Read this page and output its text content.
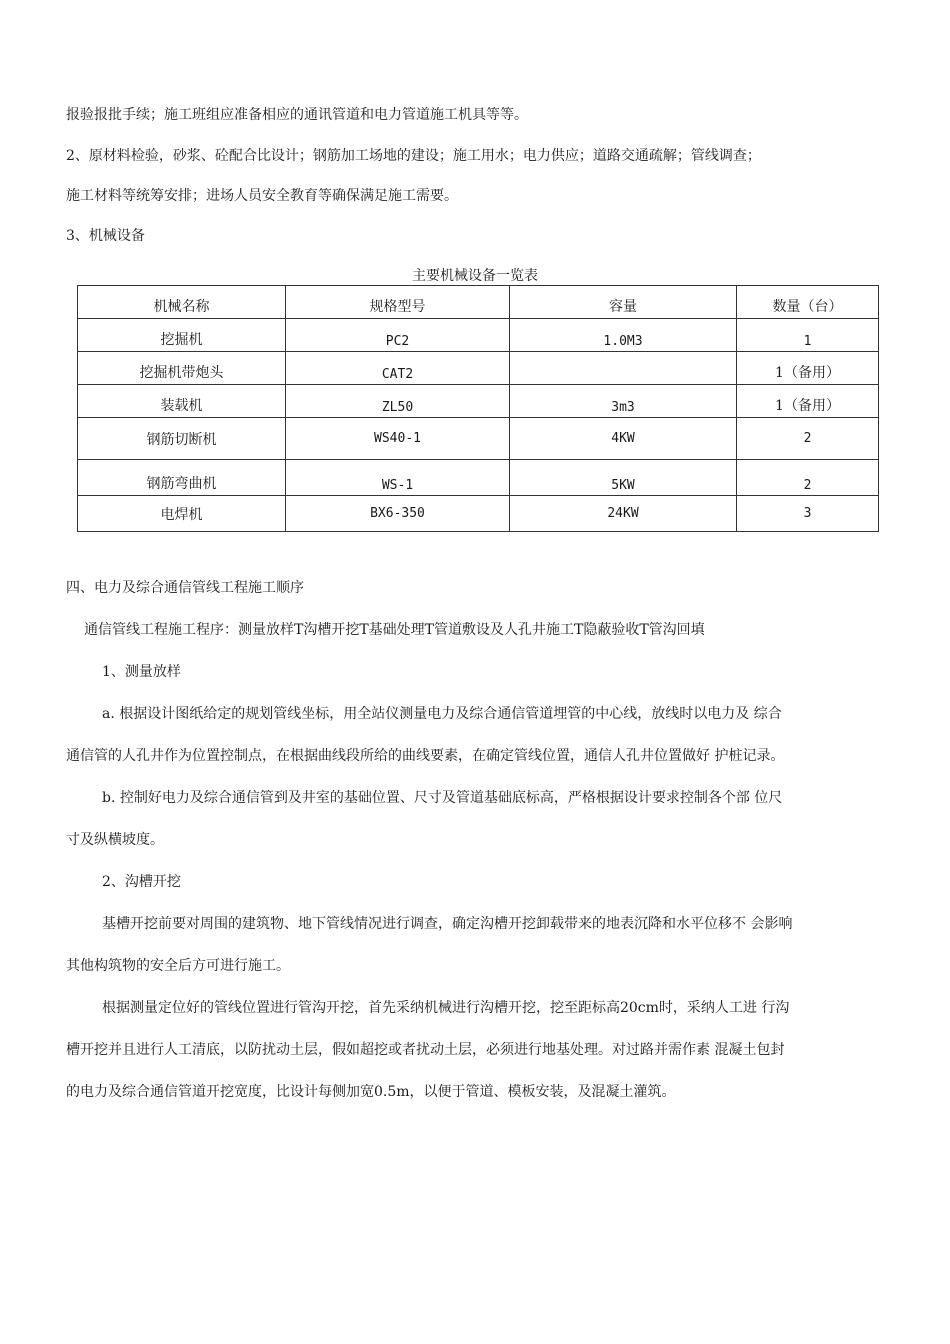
报验报批手续；施工班组应准备相应的通讯管道和电力管道施工机具等等。
2、原材料检验，砂浆、砼配合比设计；钢筋加工场地的建设；施工用水；电力供应；道路交通疏解；管线调查；
施工材料等统筹安排；进场人员安全教育等确保满足施工需要。
3、机械设备
主要机械设备一览表
机械名称	规格型号	容量	数量（台）
挖掘机	PC2	1.0M3	1
挖掘机带炮头	CAT2		1（备用）
装载机	ZL50	3m3	1（备用）
钢筋切断机	WS40-1	4KW	2
钢筋弯曲机	WS-1	5KW	2
电焊机	BX6-350	24KW	3
四、电力及综合通信管线工程施工顺序
通信管线工程施工程序：测量放样T沟槽开挖T基础处理T管道敷设及人孔井施工T隐蔽验收T管沟回填
1、测量放样
a. 根据设计图纸给定的规划管线坐标，用全站仪测量电力及综合通信管道埋管的中心线，放线时以电力及 综合
通信管的人孔井作为位置控制点，在根据曲线段所给的曲线要素，在确定管线位置，通信人孔井位置做好 护桩记录。
b. 控制好电力及综合通信管到及井室的基础位置、尺寸及管道基础底标高，严格根据设计要求控制各个部 位尺
寸及纵横坡度。
2、沟槽开挖
基槽开挖前要对周围的建筑物、地下管线情况进行调查，确定沟槽开挖卸载带来的地表沉降和水平位移不 会影响
其他构筑物的安全后方可进行施工。
根据测量定位好的管线位置进行管沟开挖，首先采纳机械进行沟槽开挖，挖至距标高20cm时，采纳人工进 行沟
槽开挖并且进行人工清底，以防扰动土层，假如超挖或者扰动土层，必须进行地基处理。对过路并需作素 混凝土包封
的电力及综合通信管道开挖宽度，比设计每侧加宽0.5m，以便于管道、模板安装，及混凝土灌筑。
